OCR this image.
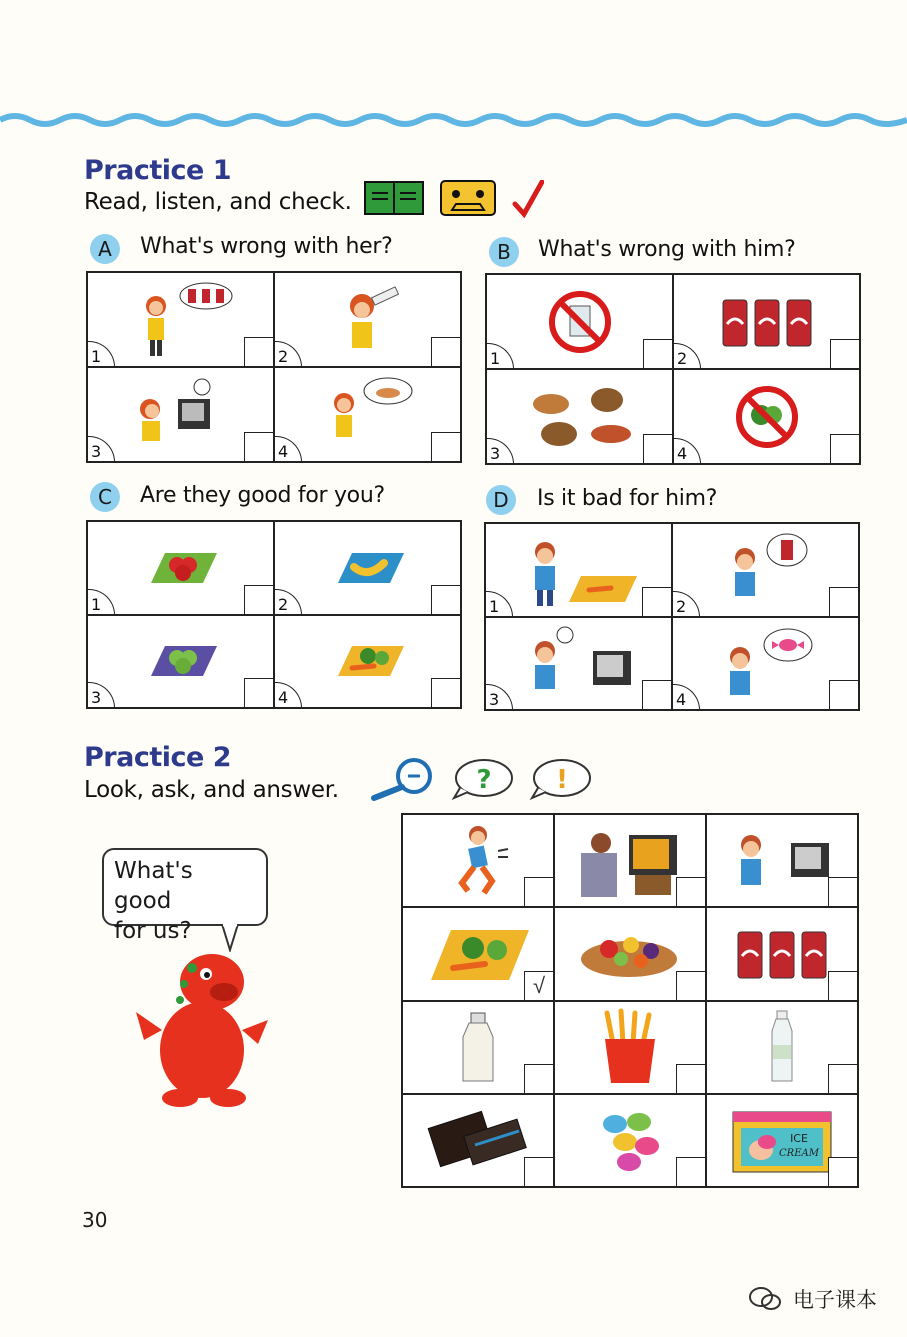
Practice 1
Read, listen, and check.
A	What's wrong with her?
1	2
3	4
B	What's wrong with him?
1	2
3	4
C	Are they good for you?
1	2
3	4
D	Is it bad for him?
1	2
3	4
Practice 2
Look, ask, and answer.	? !
What's good
for us?
√
ICE
CREAM
30
电子课本
